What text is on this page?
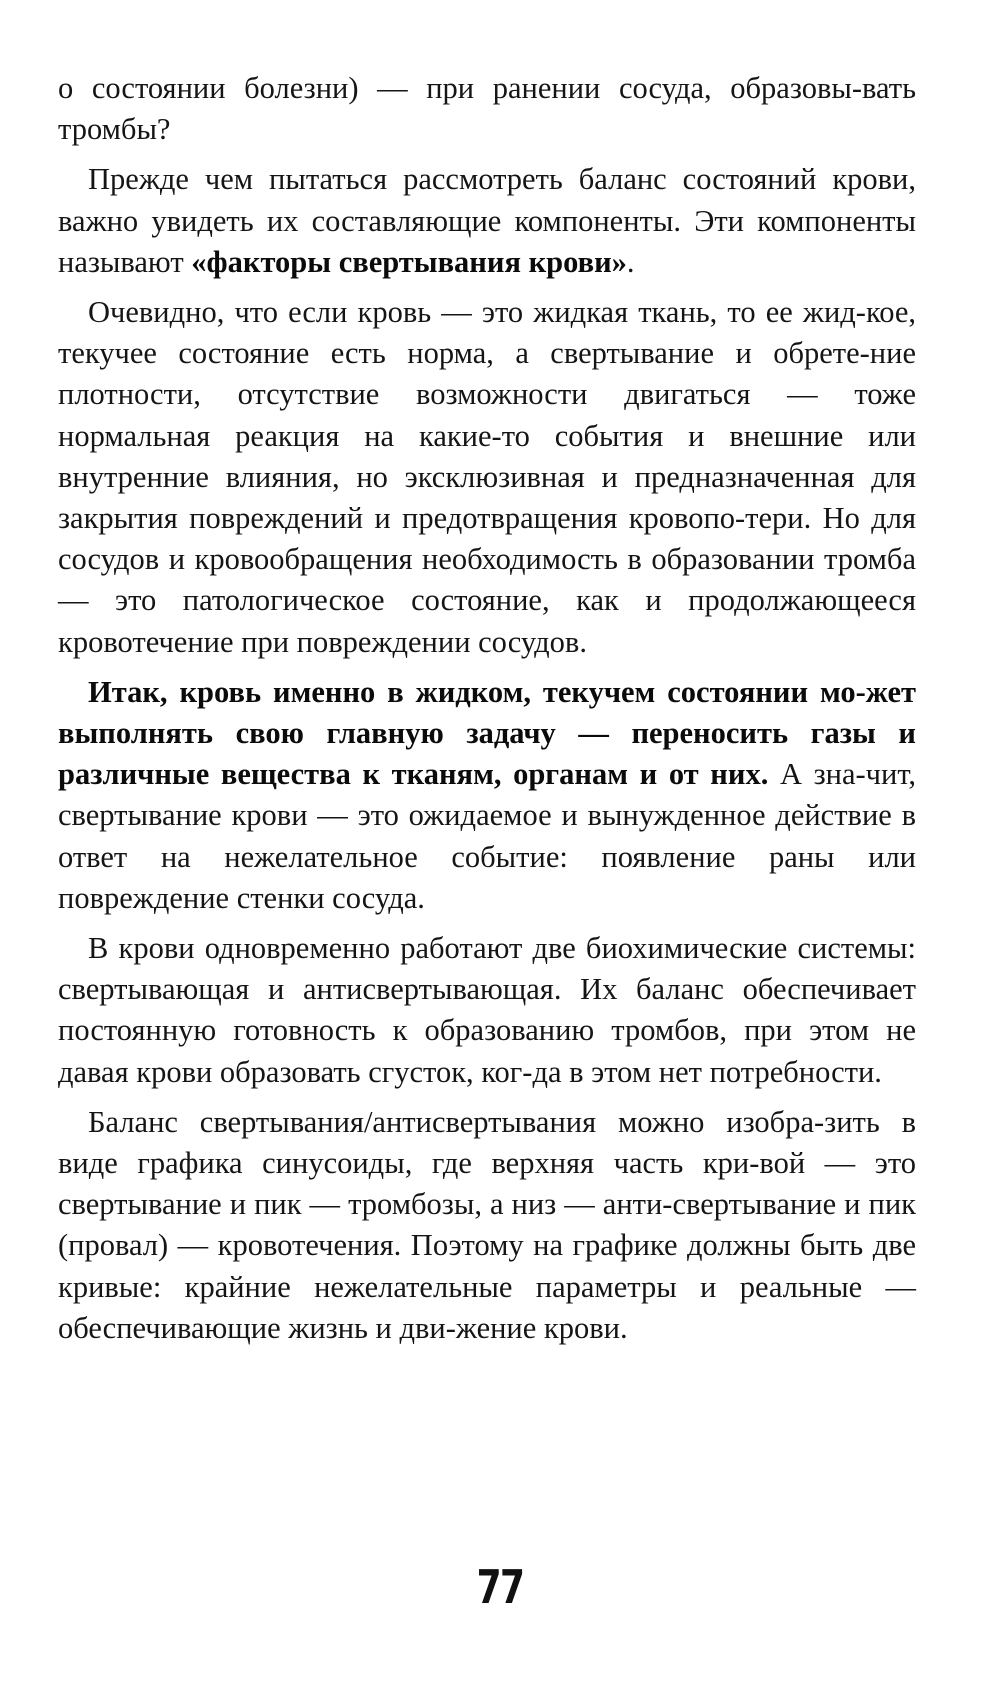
о состоянии болезни) — при ранении сосуда, образовы-вать тромбы?

Прежде чем пытаться рассмотреть баланс состояний крови, важно увидеть их составляющие компоненты. Эти компоненты называют «факторы свертывания крови».

Очевидно, что если кровь — это жидкая ткань, то ее жид-кое, текучее состояние есть норма, а свертывание и обрете-ние плотности, отсутствие возможности двигаться — тоже нормальная реакция на какие-то события и внешние или внутренние влияния, но эксклюзивная и предназначенная для закрытия повреждений и предотвращения кровопо-тери. Но для сосудов и кровообращения необходимость в образовании тромба — это патологическое состояние, как и продолжающееся кровотечение при повреждении сосудов.

Итак, кровь именно в жидком, текучем состоянии мо-жет выполнять свою главную задачу — переносить газы и различные вещества к тканям, органам и от них. А зна-чит, свертывание крови — это ожидаемое и вынужденное действие в ответ на нежелательное событие: появление раны или повреждение стенки сосуда.

В крови одновременно работают две биохимические системы: свертывающая и антисвертывающая. Их баланс обеспечивает постоянную готовность к образованию тромбов, при этом не давая крови образовать сгусток, ког-да в этом нет потребности.

Баланс свертывания/антисвертывания можно изобра-зить в виде графика синусоиды, где верхняя часть кри-вой — это свертывание и пик — тромбозы, а низ — анти-свертывание и пик (провал) — кровотечения. Поэтому на графике должны быть две кривые: крайние нежелательные параметры и реальные — обеспечивающие жизнь и дви-жение крови.

77
